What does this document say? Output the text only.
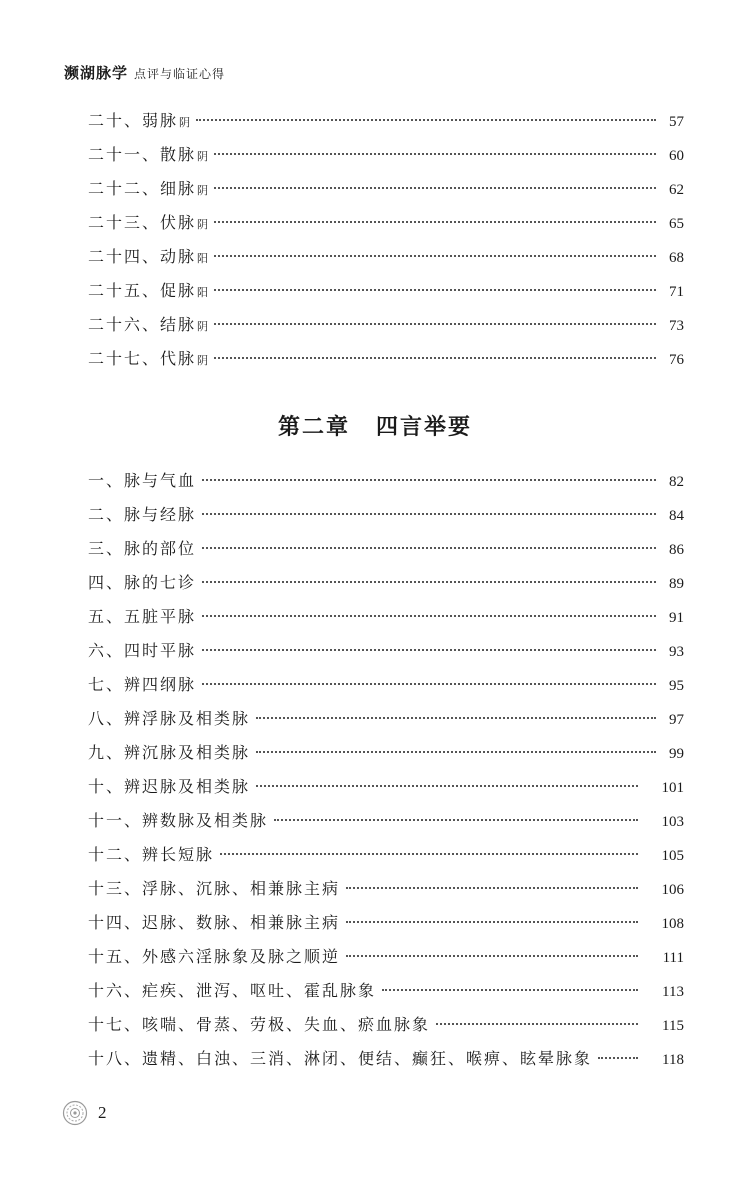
濒湖脉学 点评与临证心得
二十、弱脉阴	57
二十一、散脉阴	60
二十二、细脉阴	62
二十三、伏脉阴	65
二十四、动脉阳	68
二十五、促脉阳	71
二十六、结脉阴	73
二十七、代脉阴	76
第二章 四言举要
一、脉与气血	82
二、脉与经脉	84
三、脉的部位	86
四、脉的七诊	89
五、五脏平脉	91
六、四时平脉	93
七、辨四纲脉	95
八、辨浮脉及相类脉	97
九、辨沉脉及相类脉	99
十、辨迟脉及相类脉	101
十一、辨数脉及相类脉	103
十二、辨长短脉	105
十三、浮脉、沉脉、相兼脉主病	106
十四、迟脉、数脉、相兼脉主病	108
十五、外感六淫脉象及脉之顺逆	111
十六、疟疾、泄泻、呕吐、霍乱脉象	113
十七、咳喘、骨蒸、劳极、失血、瘀血脉象	115
十八、遗精、白浊、三消、淋闭、便结、癫狂、喉痹、眩晕脉象	118
2
